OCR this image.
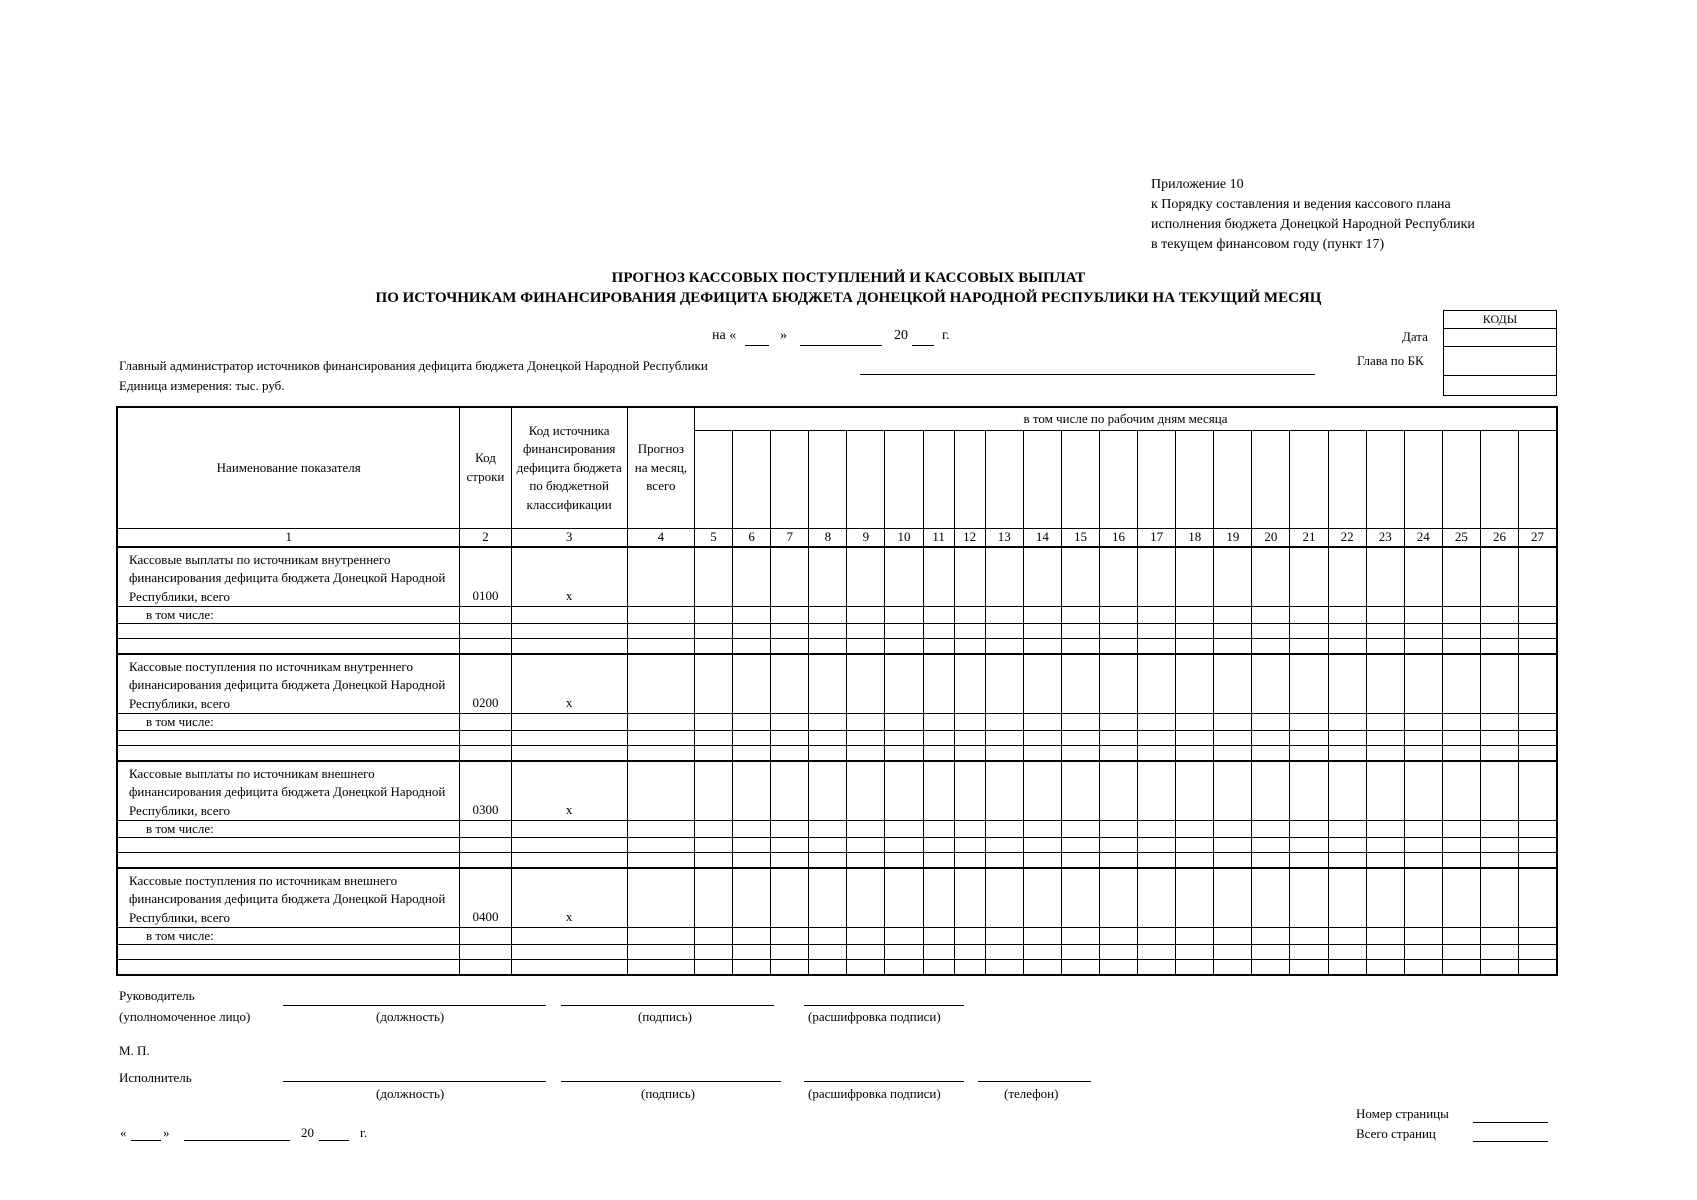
Приложение 10
к Порядку составления и ведения кассового плана
исполнения бюджета Донецкой Народной Республики
в текущем финансовом году (пункт 17)
ПРОГНОЗ КАССОВЫХ ПОСТУПЛЕНИЙ И КАССОВЫХ ВЫПЛАТ
ПО ИСТОЧНИКАМ ФИНАНСИРОВАНИЯ ДЕФИЦИТА БЮДЖЕТА ДОНЕЦКОЙ НАРОДНОЙ РЕСПУБЛИКИ НА ТЕКУЩИЙ МЕСЯЦ
на «	»	20 г.
КОДЫ

Дата
Глава по БК
Главный администратор источников финансирования дефицита бюджета Донецкой Народной Республики
Единица измерения: тыс. руб.
Наименование показателя	Код строки	Код источника финансирования дефицита бюджета по бюджетной классификации	Прогноз на месяц, всего	в том числе по рабочим дням месяца																						

1	2	3	4	5	6	7	8	9	10	11	12	13	14	15	16	17	18	19	20	21	22	23	24	25	26	27
Кассовые выплаты по источникам внутреннего финансирования дефицита бюджета Донецкой Народной Республики, всего	0100	x																								
в том числе:																										

Кассовые поступления по источникам внутреннего финансирования дефицита бюджета Донецкой Народной Республики, всего	0200	x																								
в том числе:																										

Кассовые выплаты по источникам внешнего финансирования дефицита бюджета Донецкой Народной Республики, всего	0300	x																								
в том числе:																										

Кассовые поступления по источникам внешнего финансирования дефицита бюджета Донецкой Народной Республики, всего	0400	x																								
в том числе:																										

Руководитель
(уполномоченное лицо)	(должность)	(подпись)	(расшифровка подписи)
М. П.
Исполнитель
(должность)	(подпись)	(расшифровка подписи)	(телефон)
«	»	20	г.
Номер страницы
Всего страниц
